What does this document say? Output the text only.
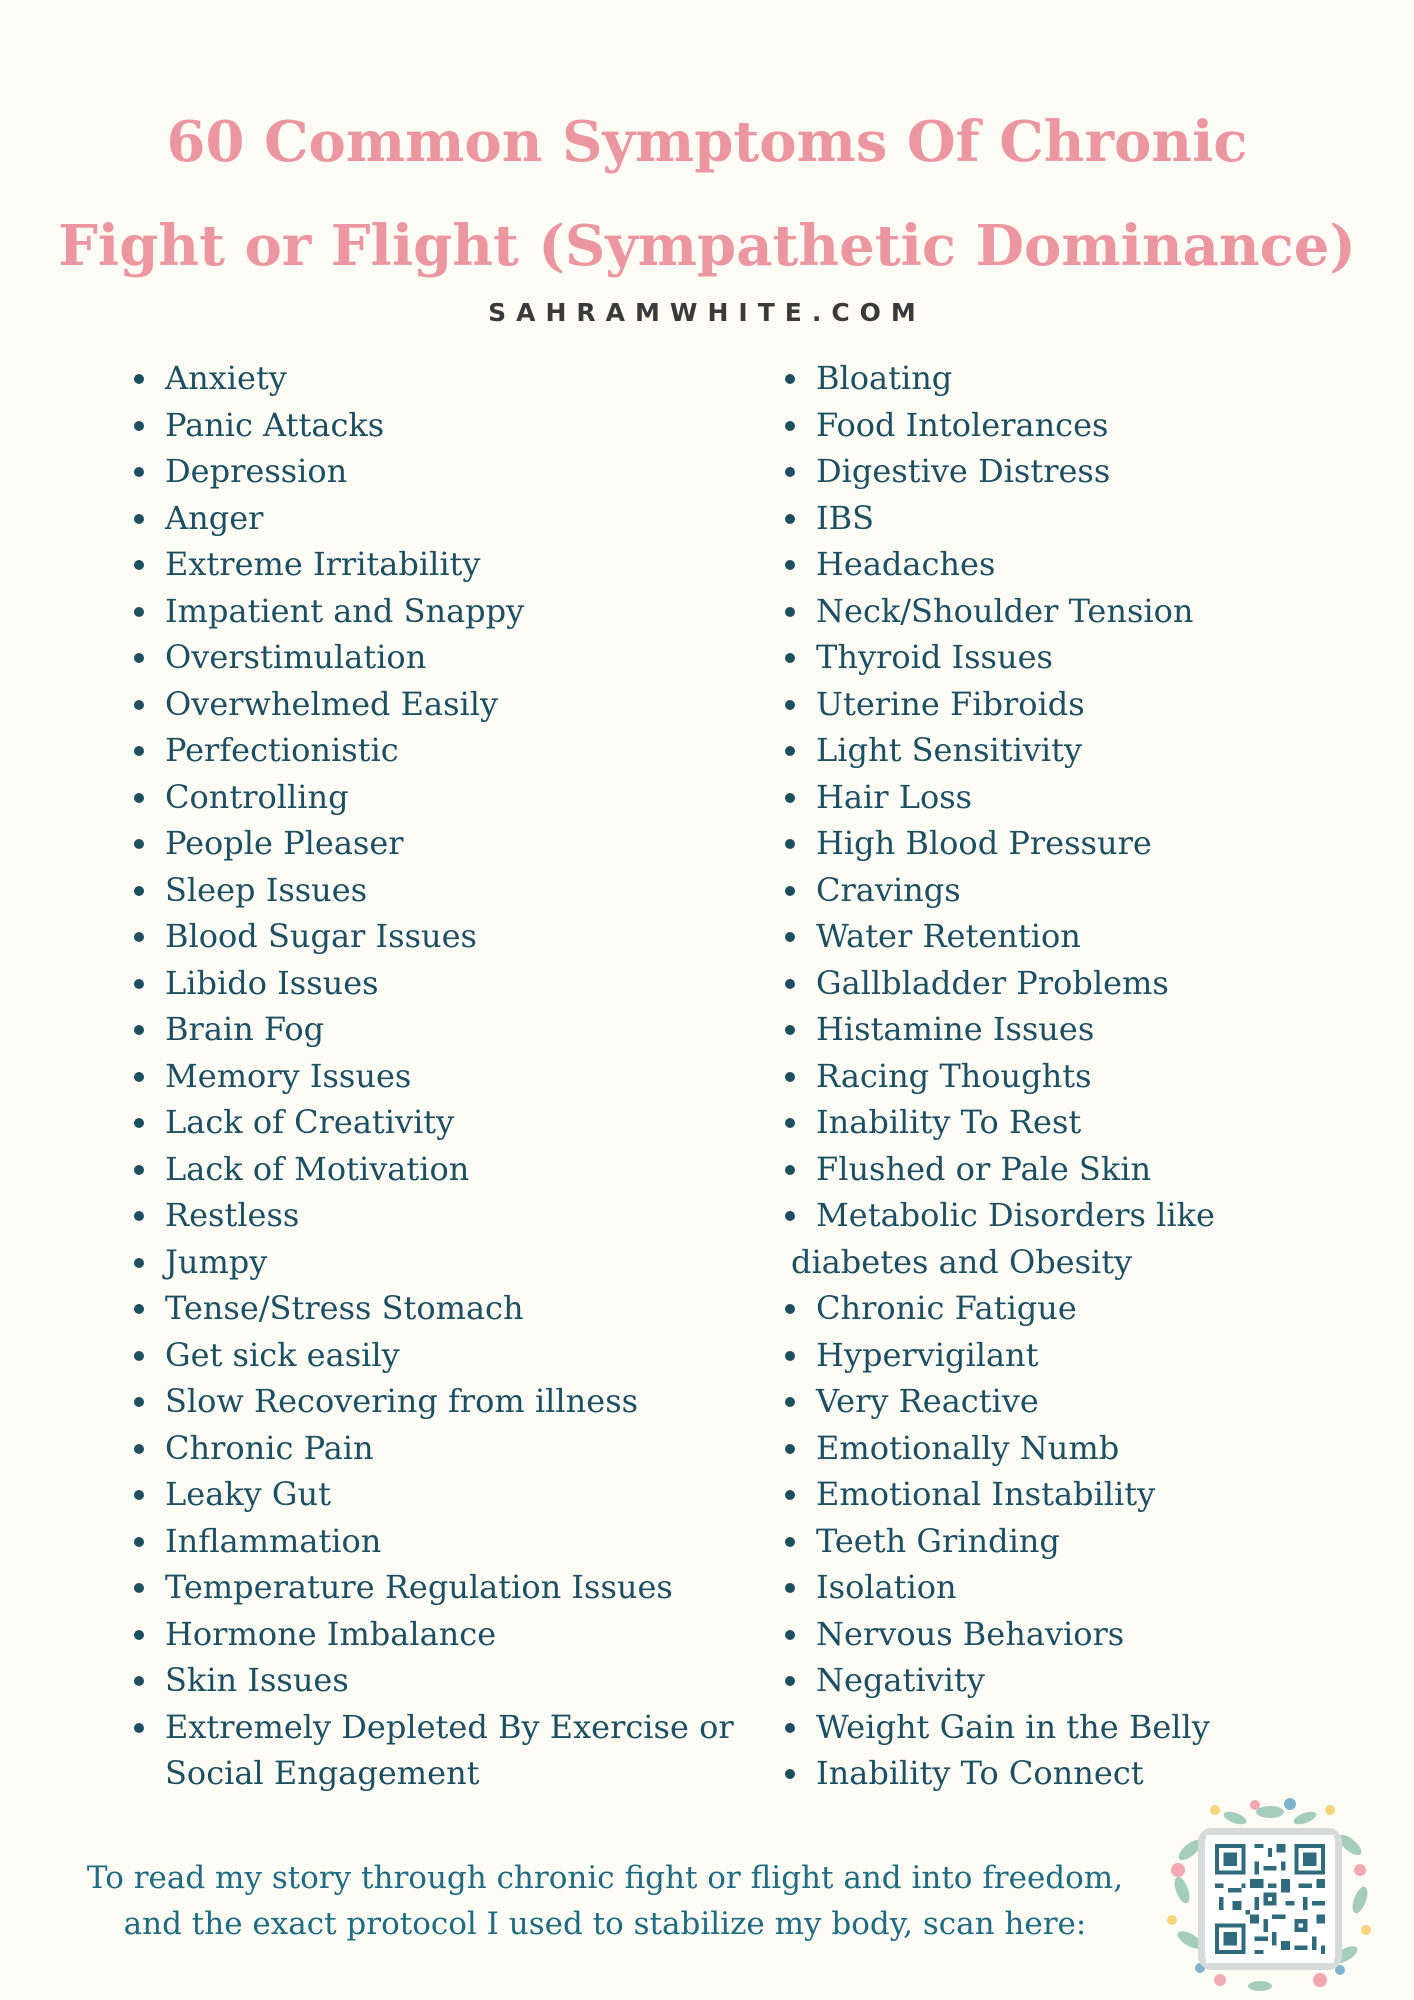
60 Common Symptoms Of Chronic
Fight or Flight (Sympathetic Dominance)
SAHRAMWHITE.COM
Anxiety
Panic Attacks
Depression
Anger
Extreme Irritability
Impatient and Snappy
Overstimulation
Overwhelmed Easily
Perfectionistic
Controlling
People Pleaser
Sleep Issues
Blood Sugar Issues
Libido Issues
Brain Fog
Memory Issues
Lack of Creativity
Lack of Motivation
Restless
Jumpy
Tense/Stress Stomach
Get sick easily
Slow Recovering from illness
Chronic Pain
Leaky Gut
Inflammation
Temperature Regulation Issues
Hormone Imbalance
Skin Issues
Extremely Depleted By Exercise or
Social Engagement
Bloating
Food Intolerances
Digestive Distress
IBS
Headaches
Neck/Shoulder Tension
Thyroid Issues
Uterine Fibroids
Light Sensitivity
Hair Loss
High Blood Pressure
Cravings
Water Retention
Gallbladder Problems
Histamine Issues
Racing Thoughts
Inability To Rest
Flushed or Pale Skin
Metabolic Disorders like
diabetes and Obesity
Chronic Fatigue
Hypervigilant
Very Reactive
Emotionally Numb
Emotional Instability
Teeth Grinding
Isolation
Nervous Behaviors
Negativity
Weight Gain in the Belly
Inability To Connect
To read my story through chronic fight or flight and into freedom,
and the exact protocol I used to stabilize my body, scan here:
